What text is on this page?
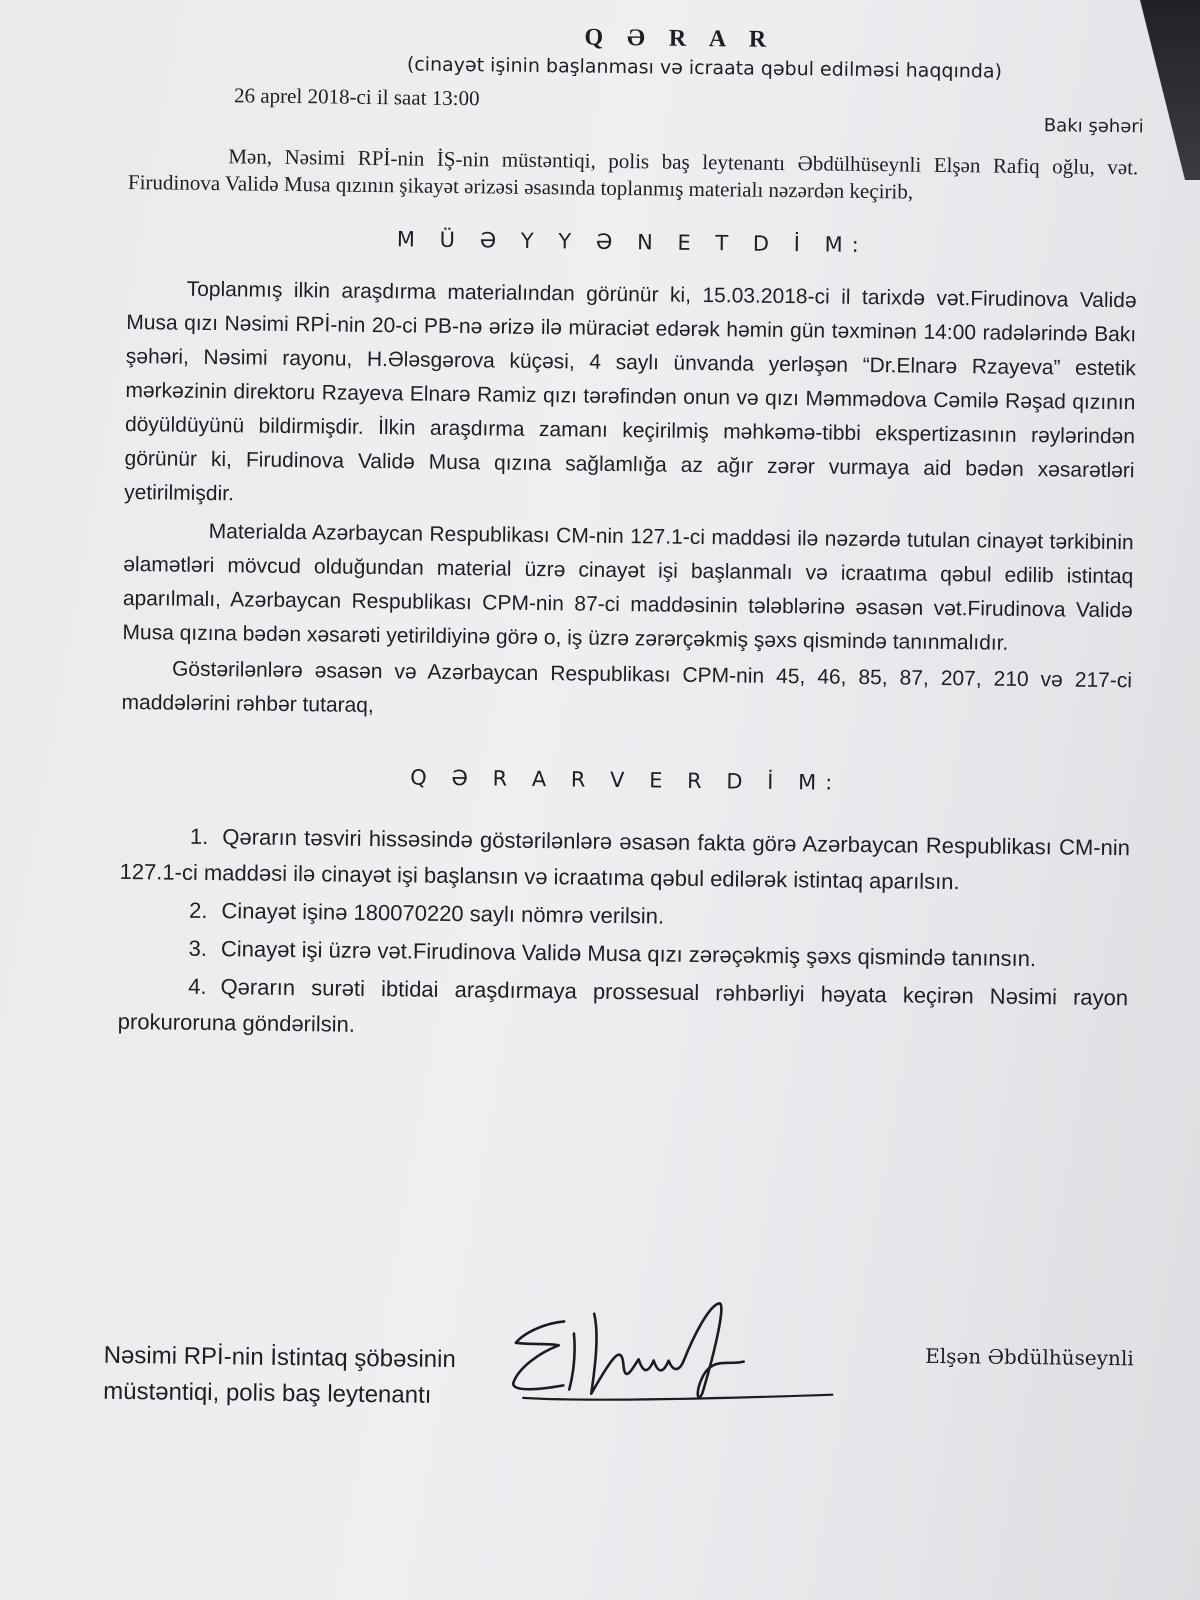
Q Ə R A R
(cinayət işinin başlanması və icraata qəbul edilməsi haqqında)
26 aprel 2018-ci il saat 13:00
Bakı şəhəri

Mən, Nəsimi RPİ-nin İŞ-nin müstəntiqi, polis baş leytenantı Əbdülhüseynli Elşən Rafiq oğlu, vət. Firudinova Validə Musa qızının şikayət ərizəsi əsasında toplanmış materialı nəzərdən keçirib,

M Ü Ə Y Y Ə N E T D İ M:

Toplanmış ilkin araşdırma materialından görünür ki, 15.03.2018-ci il tarixdə vət.Firudinova Validə Musa qızı Nəsimi RPİ-nin 20-ci PB-nə ərizə ilə müraciət edərək həmin gün təxminən 14:00 radələrində Bakı şəhəri, Nəsimi rayonu, H.Ələsgərova küçəsi, 4 saylı ünvanda yerləşən “Dr.Elnarə Rzayeva” estetik mərkəzinin direktoru Rzayeva Elnarə Ramiz qızı tərəfindən onun və qızı Məmmədova Cəmilə Rəşad qızının döyüldüyünü bildirmişdir. İlkin araşdırma zamanı keçirilmiş məhkəmə-tibbi ekspertizasının rəylərindən görünür ki, Firudinova Validə Musa qızına sağlamlığa az ağır zərər vurmaya aid bədən xəsarətləri yetirilmişdir.

Materialda Azərbaycan Respublikası CM-nin 127.1-ci maddəsi ilə nəzərdə tutulan cinayət tərkibinin əlamətləri mövcud olduğundan material üzrə cinayət işi başlanmalı və icraatıma qəbul edilib istintaq aparılmalı, Azərbaycan Respublikası CPM-nin 87-ci maddəsinin tələblərinə əsasən vət.Firudinova Validə Musa qızına bədən xəsarəti yetirildiyinə görə o, iş üzrə zərərçəkmiş şəxs qismində tanınmalıdır.

Göstərilənlərə əsasən və Azərbaycan Respublikası CPM-nin 45, 46, 85, 87, 207, 210 və 217-ci maddələrini rəhbər tutaraq,

Q Ə R A R V E R D İ M:
1. Qərarın təsviri hissəsində göstərilənlərə əsasən fakta görə Azərbaycan Respublikası CM-nin 127.1-ci maddəsi ilə cinayət işi başlansın və icraatıma qəbul edilərək istintaq aparılsın.
2. Cinayət işinə 180070220 saylı nömrə verilsin.
3. Cinayət işi üzrə vət.Firudinova Validə Musa qızı zərəçəkmiş şəxs qismində tanınsın.
4. Qərarın surəti ibtidai araşdırmaya prossesual rəhbərliyi həyata keçirən Nəsimi rayon prokuroruna göndərilsin.
Nəsimi RPİ-nin İstintaq şöbəsinin
müstəntiqi, polis baş leytenantı
Elşən Əbdülhüseynli
